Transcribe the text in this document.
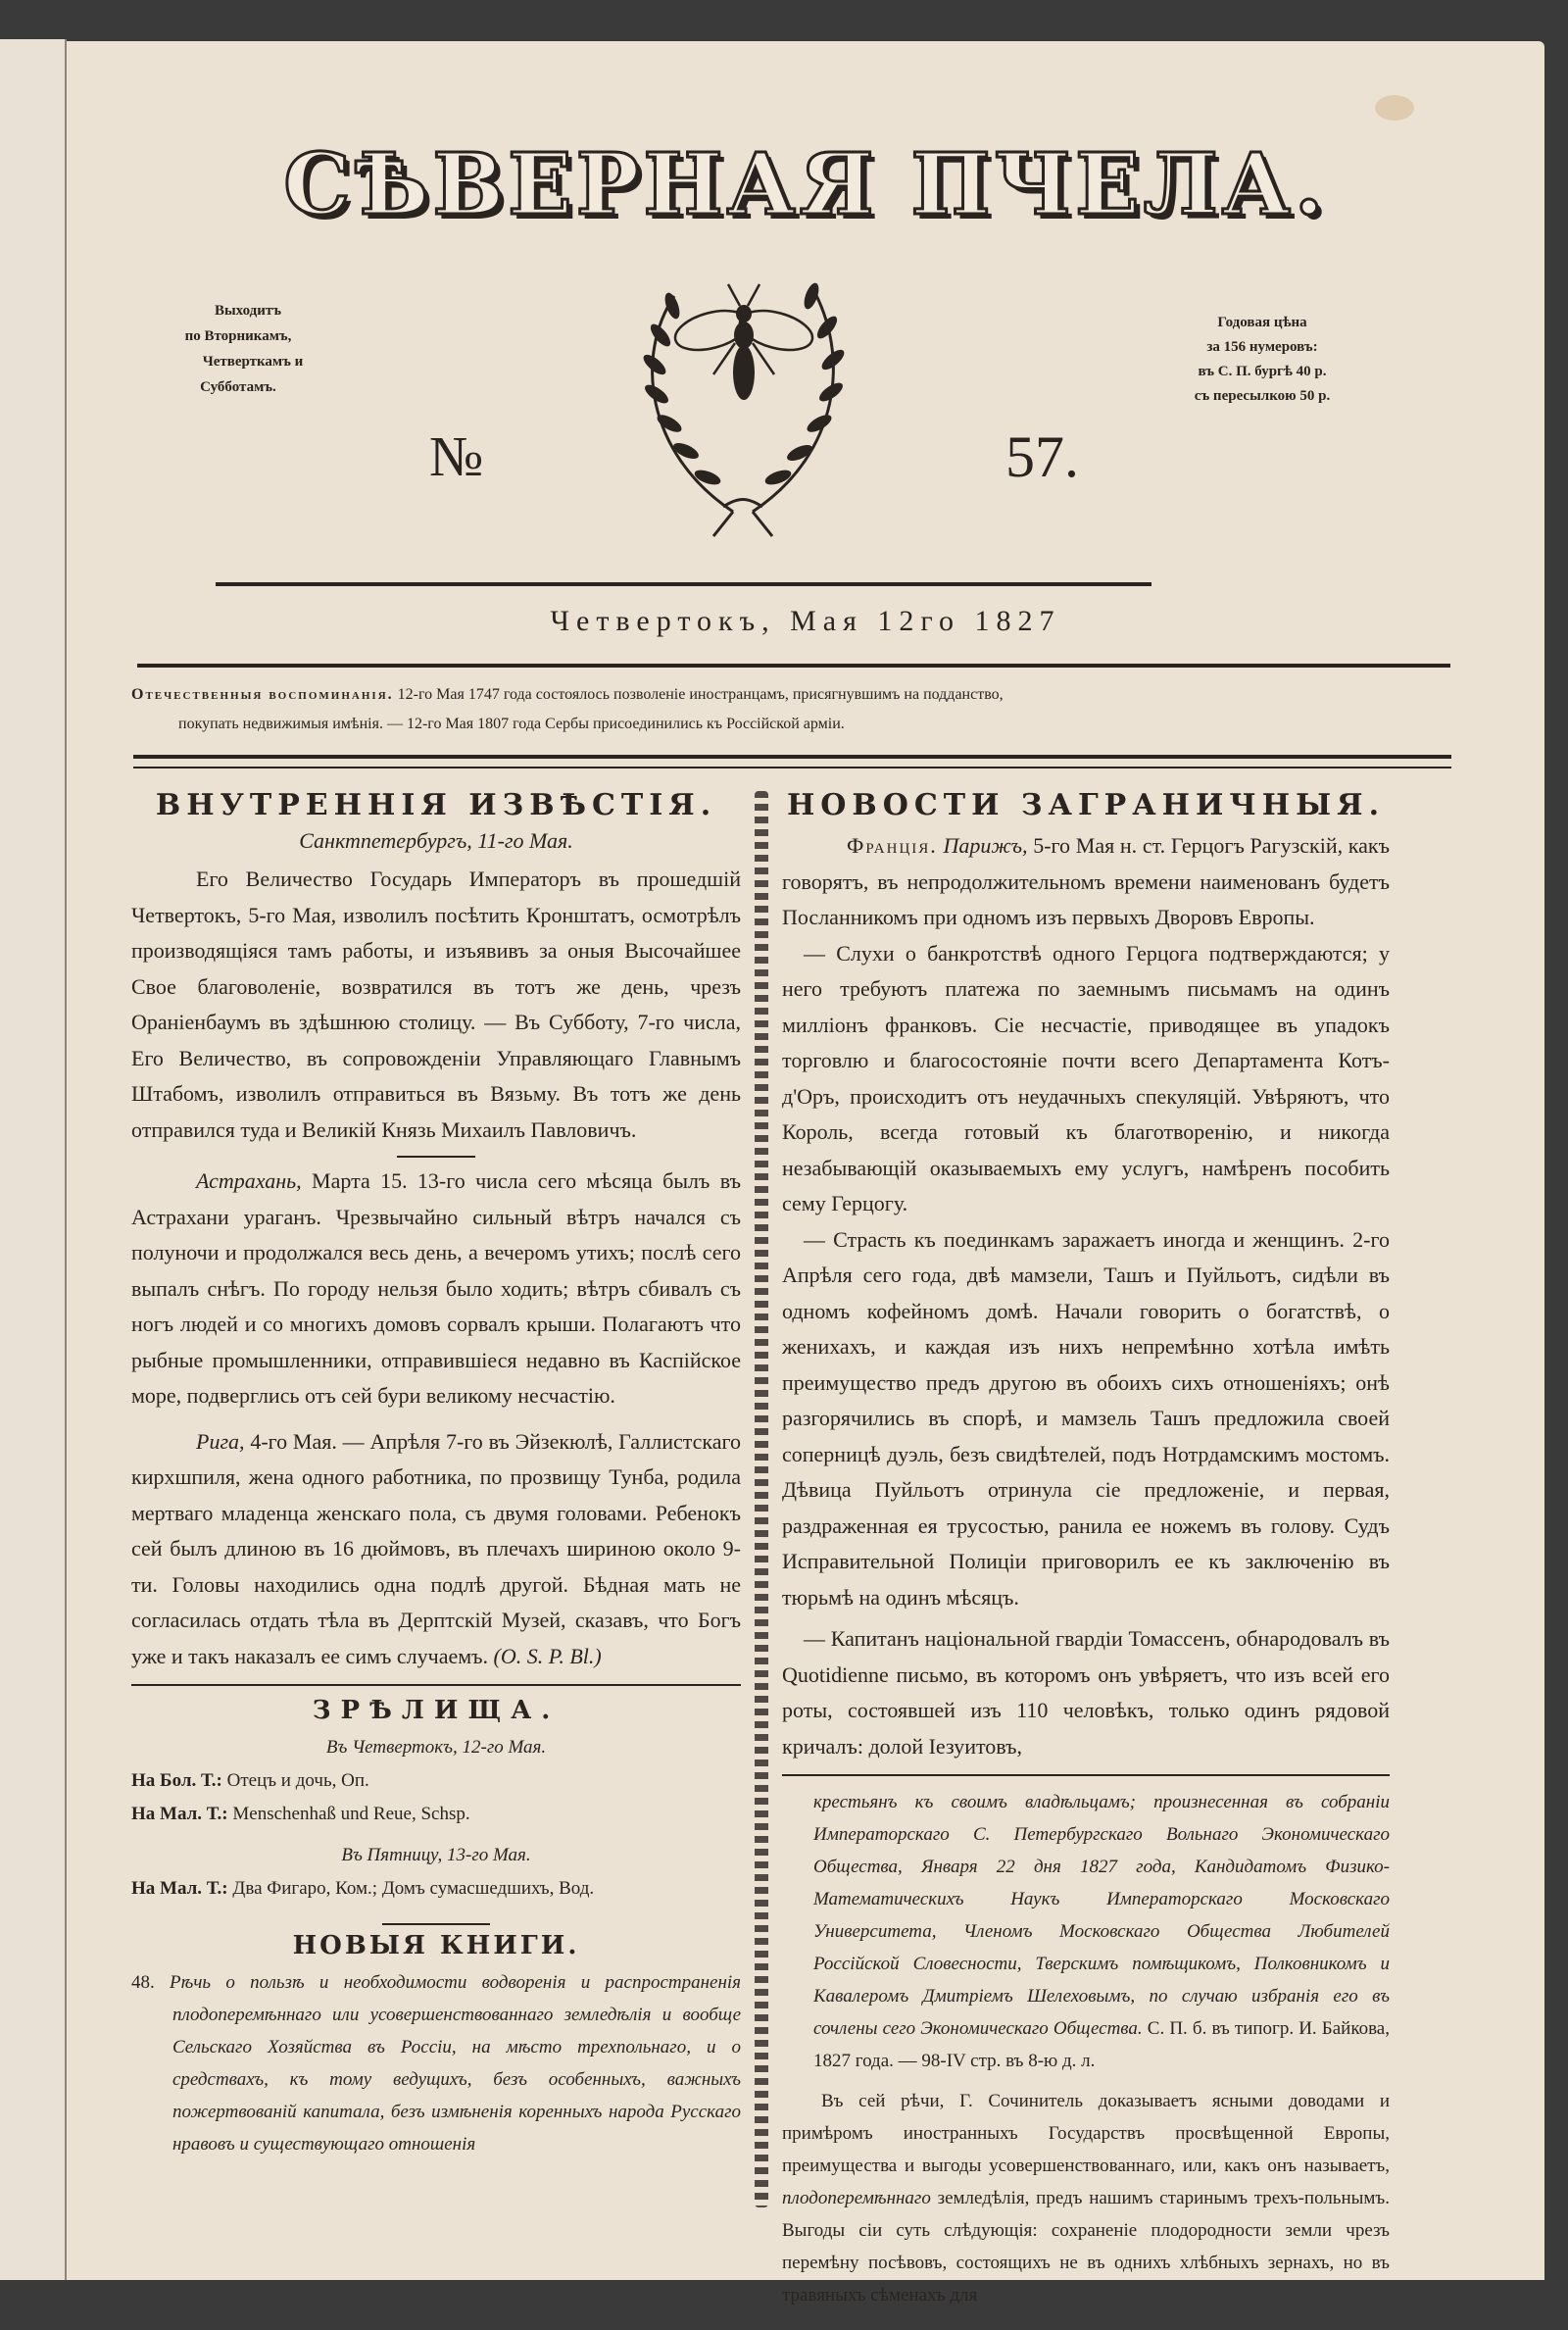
СѢВЕРНАЯ ПЧЕЛА.
Выходитъ
по Вторникамъ,
Четверткамъ и
Субботамъ.
Годовая цѣна
за 156 нумеровъ:
въ С. П. бургѣ 40 р.
съ пересылкою 50 р.
№	57.
Четвертокъ, Мая 12го 1827
Отечественныя воспоминанія. 12-го Мая 1747 года состоялось позволеніе иностранцамъ, присягнувшимъ на подданство,
покупать недвижимыя имѣнія. — 12-го Мая 1807 года Сербы присоединились къ Россійской арміи.
ВНУТРЕННІЯ ИЗВѢСТІЯ.
Санктпетербургъ, 11-го Мая.

Его Величество Государь Императоръ въ прошедшій Четвертокъ, 5-го Мая, изволилъ посѣтить Кронштатъ, осмотрѣлъ производящіяся тамъ работы, и изъявивъ за оныя Высочайшее Свое благоволеніе, возвратился въ тотъ же день, чрезъ Ораніенбаумъ въ здѣшнюю столицу. — Въ Субботу, 7-го числа, Его Величество, въ сопровожденіи Управляющаго Главнымъ Штабомъ, изволилъ отправиться въ Вязьму. Въ тотъ же день отправился туда и Великій Князь Михаилъ Павловичъ.

Астрахань, Марта 15. 13-го числа сего мѣсяца былъ въ Астрахани ураганъ. Чрезвычайно сильный вѣтръ начался съ полуночи и продолжался весь день, а вечеромъ утихъ; послѣ сего выпалъ снѣгъ. По городу нельзя было ходить; вѣтръ сбивалъ съ ногъ людей и со многихъ домовъ сорвалъ крыши. Полагаютъ что рыбные промышленники, отправившіеся недавно въ Каспійское море, подверглись отъ сей бури великому несчастію.

Рига, 4-го Мая. — Апрѣля 7-го въ Эйзекюлѣ, Галлистскаго кирхшпиля, жена одного работника, по прозвищу Тунба, родила мертваго младенца женскаго пола, съ двумя головами. Ребенокъ сей былъ длиною въ 16 дюймовъ, въ плечахъ шириною около 9-ти. Головы находились одна подлѣ другой. Бѣдная мать не согласилась отдать тѣла въ Дерптскій Музей, сказавъ, что Богъ уже и такъ наказалъ ее симъ случаемъ. (O. S. P. Bl.)

ЗРѢЛИЩА.
Въ Четвертокъ, 12-го Мая.
На Бол. Т.: Отецъ и дочь, Оп.
На Мал. Т.: Menschenhaß und Reue, Schsp.
Въ Пятницу, 13-го Мая.
На Мал. Т.: Два Фигаро, Ком.; Домъ сумасшедшихъ, Вод.
НОВЫЯ КНИГИ.
48. Рѣчь о пользѣ и необходимости водворенія и распространенія плодоперемѣннаго или усовершенствованнаго земледѣлія и вообще Сельскаго Хозяйства въ Россіи, на мѣсто трехпольнаго, и о средствахъ, къ тому ведущихъ, безъ особенныхъ, важныхъ пожертвованій капитала, безъ измѣненія коренныхъ народа Русскаго нравовъ и существующаго отношенія
НОВОСТИ ЗАГРАНИЧНЫЯ.

Франція. Парижъ, 5-го Мая н. ст. Герцогъ Рагузскій, какъ говорятъ, въ непродолжительномъ времени наименованъ будетъ Посланникомъ при одномъ изъ первыхъ Дворовъ Европы.

— Слухи о банкротствѣ одного Герцога подтверждаются; у него требуютъ платежа по заемнымъ письмамъ на одинъ милліонъ франковъ. Сіе несчастіе, приводящее въ упадокъ торговлю и благосостояніе почти всего Департамента Котъ-д'Оръ, происходитъ отъ неудачныхъ спекуляцій. Увѣряютъ, что Король, всегда готовый къ благотворенію, и никогда незабывающій оказываемыхъ ему услугъ, намѣренъ пособить сему Герцогу.

— Страсть къ поединкамъ заражаетъ иногда и женщинъ. 2-го Апрѣля сего года, двѣ мамзели, Ташъ и Пуйльотъ, сидѣли въ одномъ кофейномъ домѣ. Начали говорить о богатствѣ, о женихахъ, и каждая изъ нихъ непремѣнно хотѣла имѣть преимущество предъ другою въ обоихъ сихъ отношеніяхъ; онѣ разгорячились въ спорѣ, и мамзель Ташъ предложила своей соперницѣ дуэль, безъ свидѣтелей, подъ Нотрдамскимъ мостомъ. Дѣвица Пуйльотъ отринула сіе предложеніе, и первая, раздраженная ея трусостью, ранила ее ножемъ въ голову. Судъ Исправительной Полиціи приговорилъ ее къ заключенію въ тюрьмѣ на одинъ мѣсяцъ.

— Капитанъ національной гвардіи Томассенъ, обнародовалъ въ Quotidienne письмо, въ которомъ онъ увѣряетъ, что изъ всей его роты, состоявшей изъ 110 человѣкъ, только одинъ рядовой кричалъ: долой Іезуитовъ,

крестьянъ къ своимъ владѣльцамъ; произнесенная въ собраніи Императорскаго С. Петербургскаго Вольнаго Экономическаго Общества, Января 22 дня 1827 года, Кандидатомъ Физико-Математическихъ Наукъ Императорскаго Московскаго Университета, Членомъ Московскаго Общества Любителей Россійской Словесности, Тверскимъ помѣщикомъ, Полковникомъ и Кавалеромъ Дмитріемъ Шелеховымъ, по случаю избранія его въ сочлены сего Экономическаго Общества. С. П. б. въ типогр. И. Байкова, 1827 года. — 98-IV стр. въ 8-ю д. л.

Въ сей рѣчи, Г. Сочинитель доказываетъ ясными доводами и примѣромъ иностранныхъ Государствъ просвѣщенной Европы, преимущества и выгоды усовершенствованнаго, или, какъ онъ называетъ, плодоперемѣннаго земледѣлія, предъ нашимъ старинымъ трехъ-польнымъ. Выгоды сіи суть слѣдующія: сохраненіе плодородности земли чрезъ перемѣну посѣвовъ, состоящихъ не въ однихъ хлѣбныхъ зернахъ, но въ травяныхъ сѣменахъ для
